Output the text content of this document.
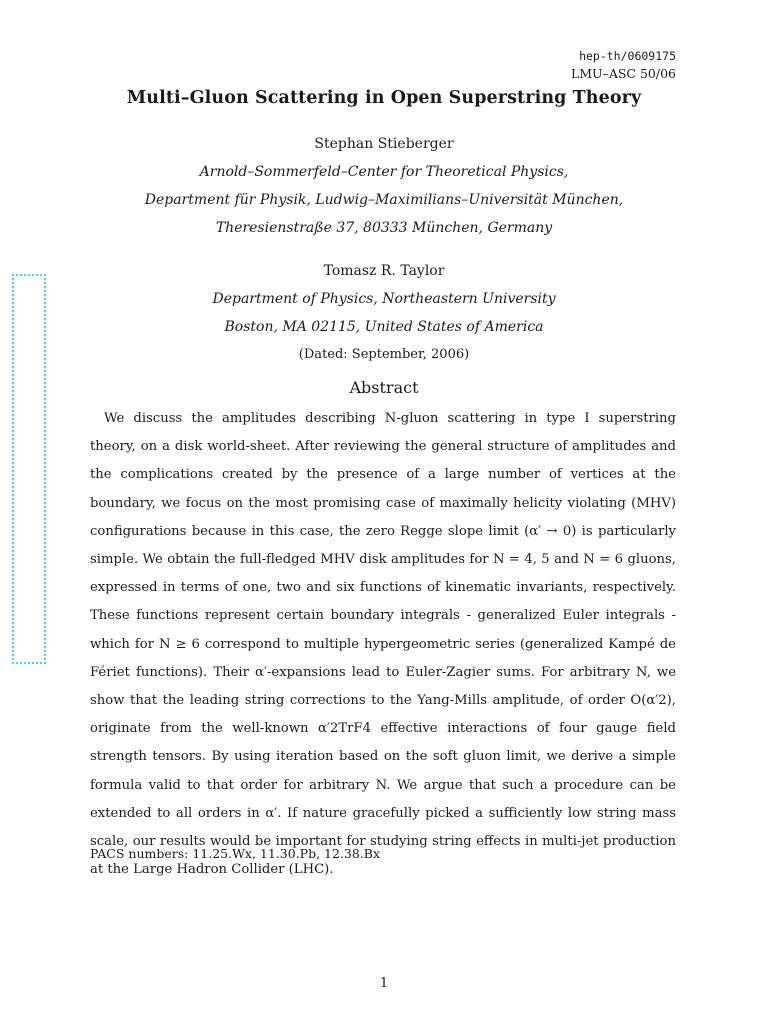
hep-th/0609175
LMU–ASC 50/06
Multi–Gluon Scattering in Open Superstring Theory
Stephan Stieberger
Arnold–Sommerfeld–Center for Theoretical Physics,
Department für Physik, Ludwig–Maximilians–Universität München,
Theresienstraße 37, 80333 München, Germany
Tomasz R. Taylor
Department of Physics, Northeastern University
Boston, MA 02115, United States of America
(Dated: September, 2006)
Abstract

We discuss the amplitudes describing N-gluon scattering in type I superstring theory, on a disk world-sheet. After reviewing the general structure of amplitudes and the complications created by the presence of a large number of vertices at the boundary, we focus on the most promising case of maximally helicity violating (MHV) configurations because in this case, the zero Regge slope limit (α′ → 0) is particularly simple. We obtain the full-fledged MHV disk amplitudes for N = 4, 5 and N = 6 gluons, expressed in terms of one, two and six functions of kinematic invariants, respectively. These functions represent certain boundary integrals - generalized Euler integrals - which for N ≥ 6 correspond to multiple hypergeometric series (generalized Kampé de Fériet functions). Their α′-expansions lead to Euler-Zagier sums. For arbitrary N, we show that the leading string corrections to the Yang-Mills amplitude, of order O(α′2), originate from the well-known α′2TrF4 effective interactions of four gauge field strength tensors. By using iteration based on the soft gluon limit, we derive a simple formula valid to that order for arbitrary N. We argue that such a procedure can be extended to all orders in α′. If nature gracefully picked a sufficiently low string mass scale, our results would be important for studying string effects in multi-jet production at the Large Hadron Collider (LHC).

PACS numbers: 11.25.Wx, 11.30.Pb, 12.38.Bx
1
